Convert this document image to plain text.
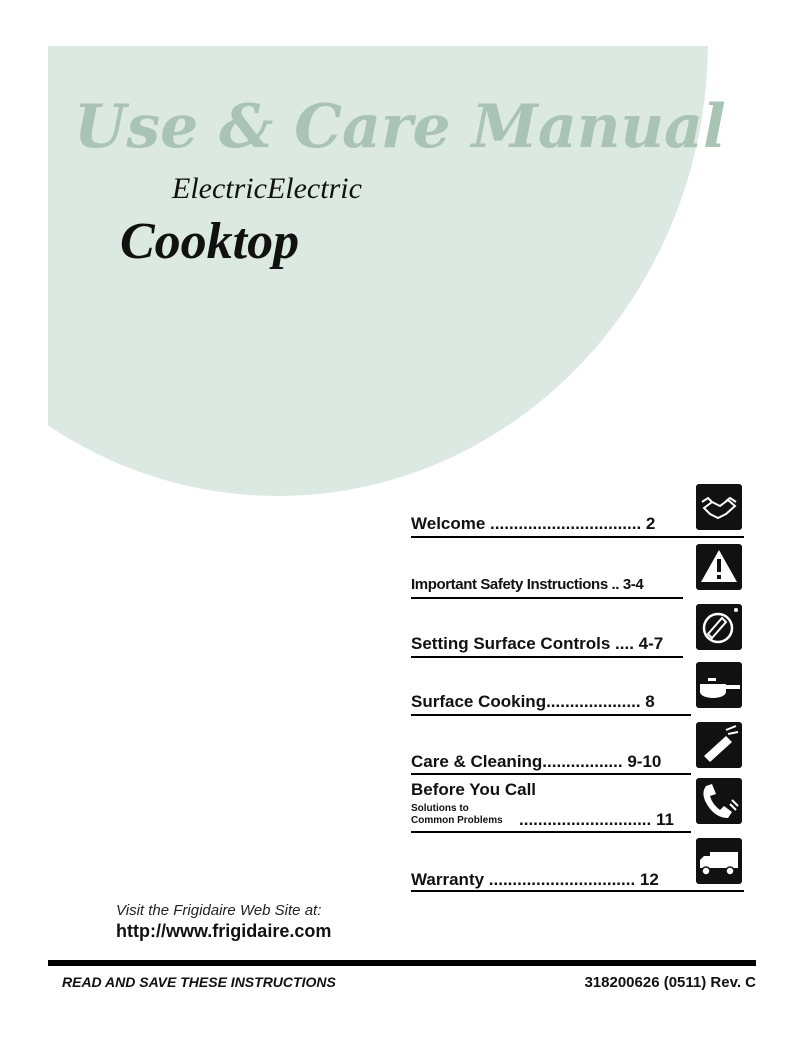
Use & Care Manual

ElectricElectric

Cooktop

Welcome ................................ 2
Important Safety Instructions .. 3-4
Setting Surface Controls .... 4-7
Surface Cooking.................... 8
Care & Cleaning................. 9-10
Before You Call
Solutions to
Common Problems ............................ 11
Warranty ............................... 12

Visit the Frigidaire Web Site at:

http://www.frigidaire.com

READ AND SAVE THESE INSTRUCTIONS	318200626 (0511) Rev. C
